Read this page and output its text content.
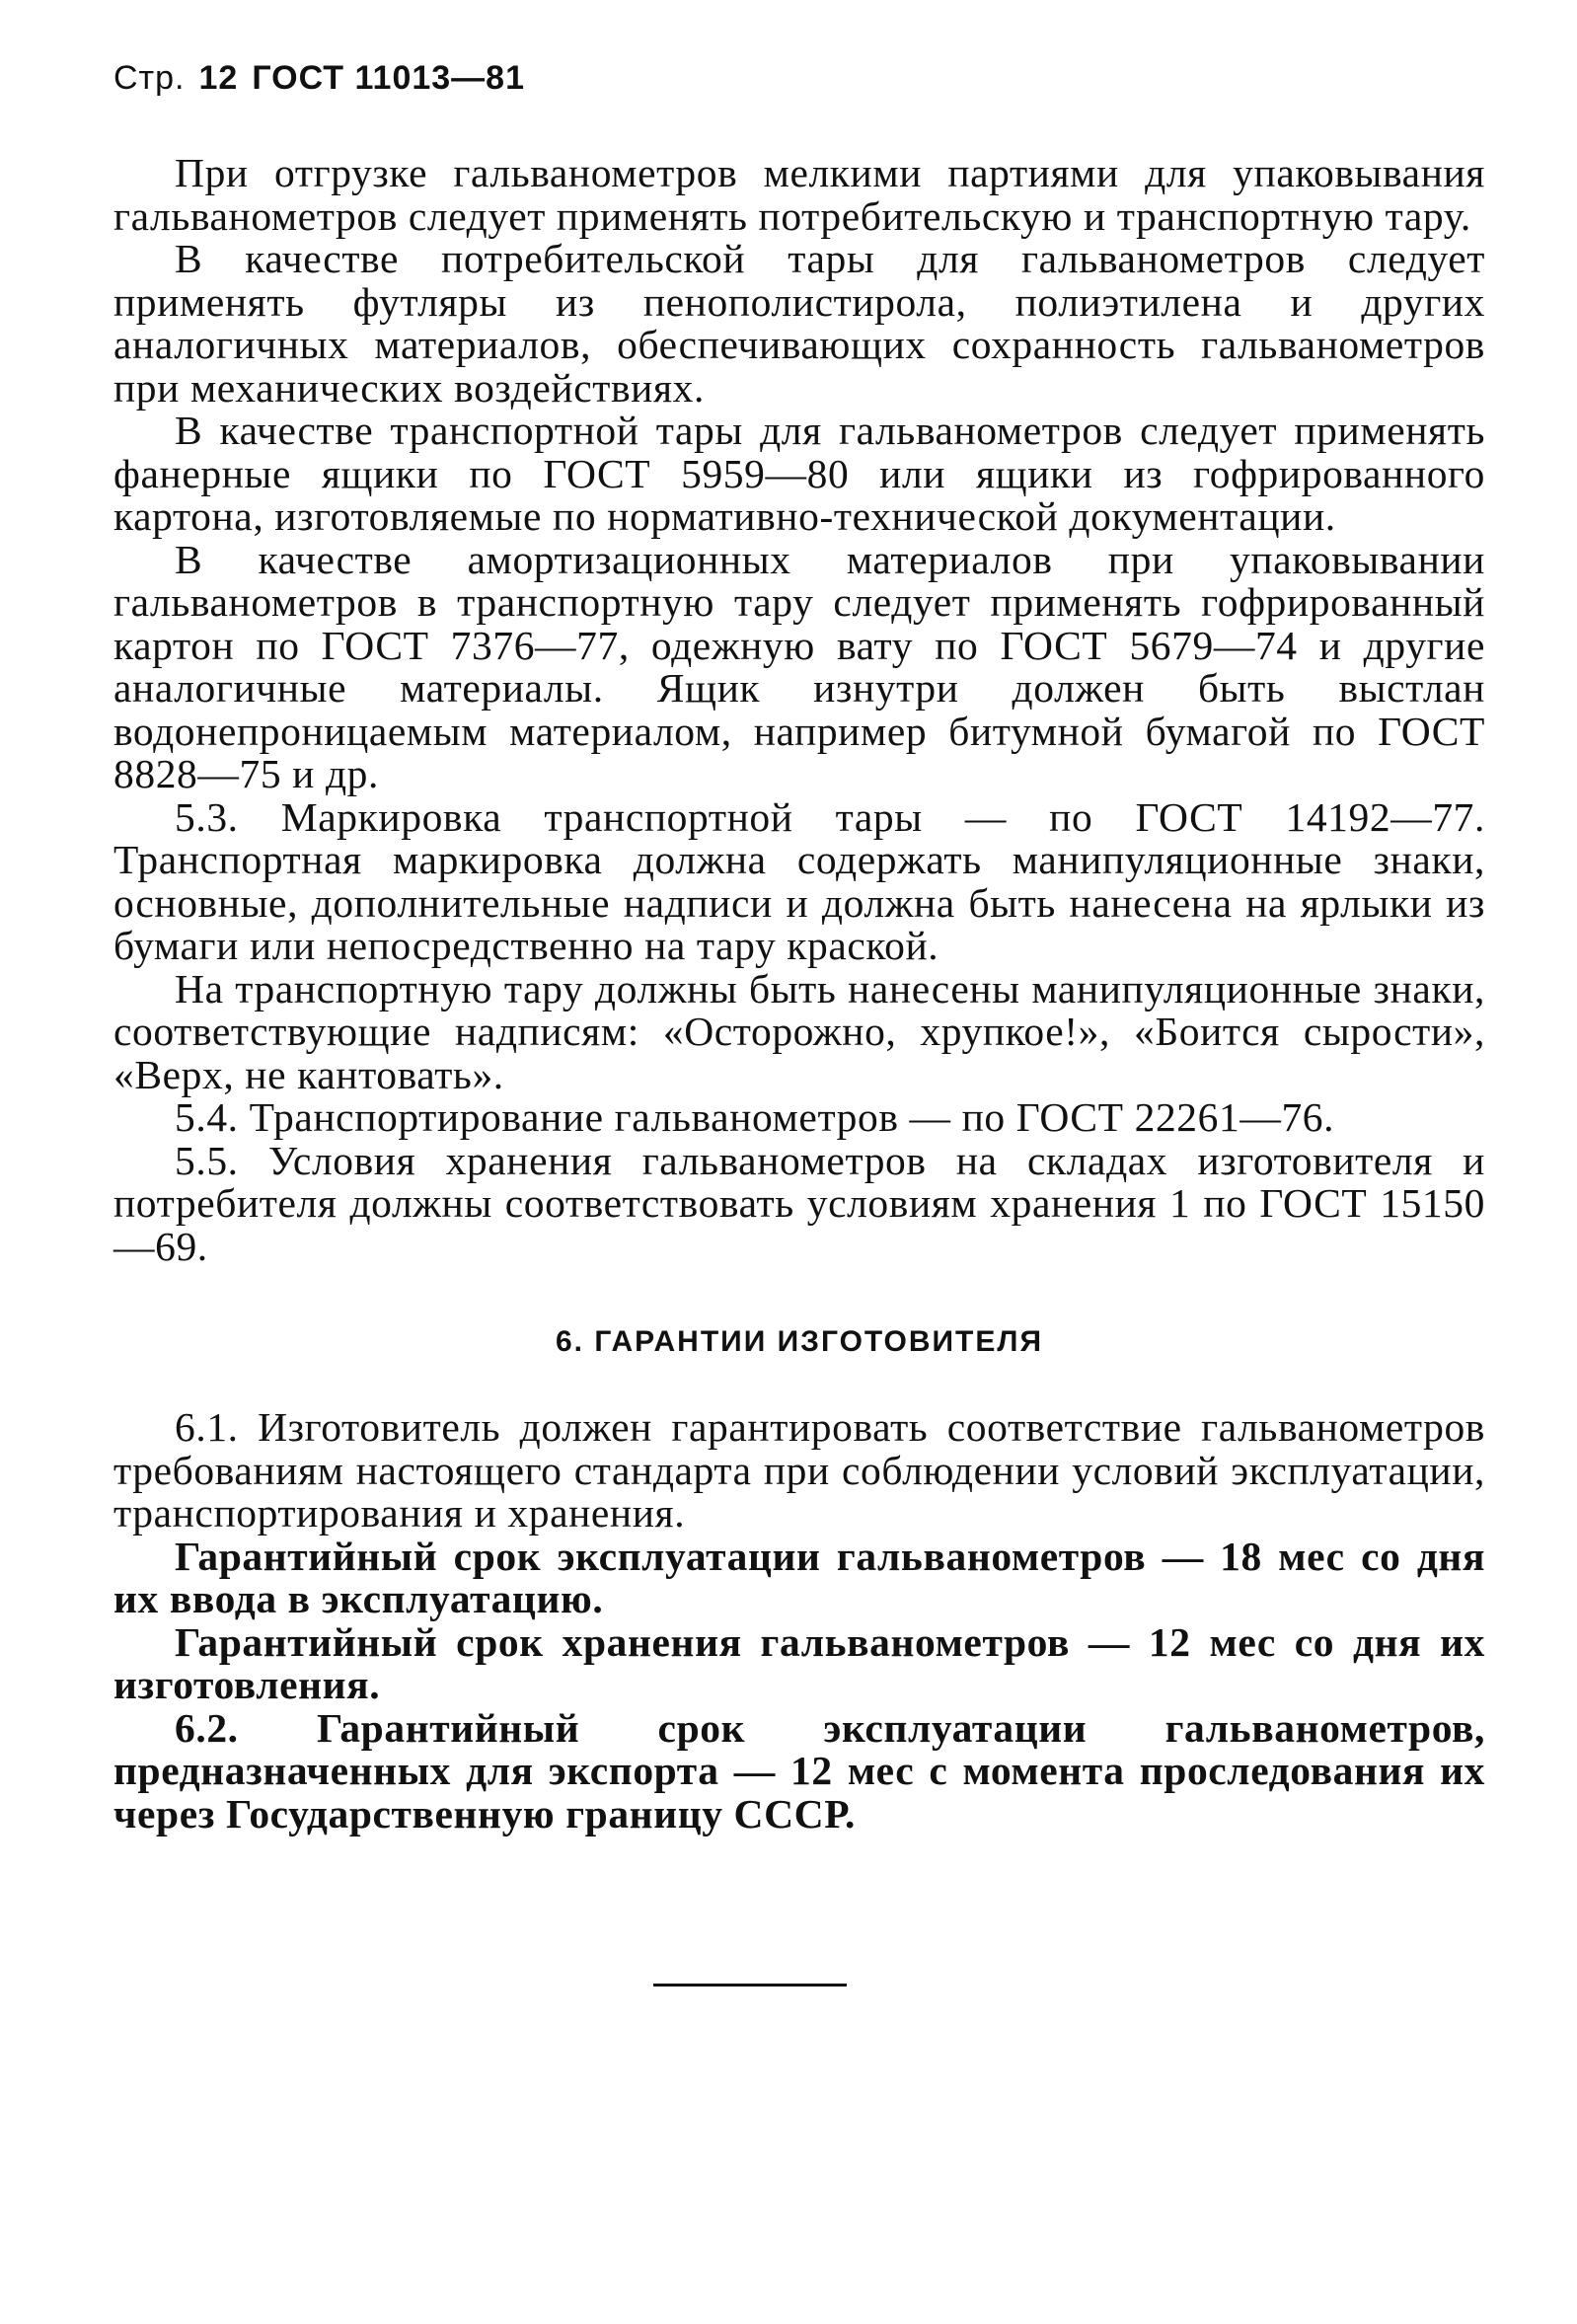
Стр. 12 ГОСТ 11013—81

При отгрузке гальванометров мелкими партиями для упаковывания гальванометров следует применять потребительскую и транспортную тару.

В качестве потребительской тары для гальванометров следует применять футляры из пенополистирола, полиэтилена и других аналогичных материалов, обеспечивающих сохранность гальванометров при механических воздействиях.

В качестве транспортной тары для гальванометров следует применять фанерные ящики по ГОСТ 5959—80 или ящики из гофрированного картона, изготовляемые по нормативно-технической документации.

В качестве амортизационных материалов при упаковывании гальванометров в транспортную тару следует применять гофрированный картон по ГОСТ 7376—77, одежную вату по ГОСТ 5679—74 и другие аналогичные материалы. Ящик изнутри должен быть выстлан водонепроницаемым материалом, например битумной бумагой по ГОСТ 8828—75 и др.

5.3. Маркировка транспортной тары — по ГОСТ 14192—77. Транспортная маркировка должна содержать манипуляционные знаки, основные, дополнительные надписи и должна быть нанесена на ярлыки из бумаги или непосредственно на тару краской.

На транспортную тару должны быть нанесены манипуляционные знаки, соответствующие надписям: «Осторожно, хрупкое!», «Боится сырости», «Верх, не кантовать».

5.4. Транспортирование гальванометров — по ГОСТ 22261—76.

5.5. Условия хранения гальванометров на складах изготовителя и потребителя должны соответствовать условиям хранения 1 по ГОСТ 15150—69.

6. ГАРАНТИИ ИЗГОТОВИТЕЛЯ

6.1. Изготовитель должен гарантировать соответствие гальванометров требованиям настоящего стандарта при соблюдении условий эксплуатации, транспортирования и хранения.

Гарантийный срок эксплуатации гальванометров — 18 мес со дня их ввода в эксплуатацию.

Гарантийный срок хранения гальванометров — 12 мес со дня их изготовления.

6.2. Гарантийный срок эксплуатации гальванометров, предназначенных для экспорта — 12 мес с момента проследования их через Государственную границу СССР.
